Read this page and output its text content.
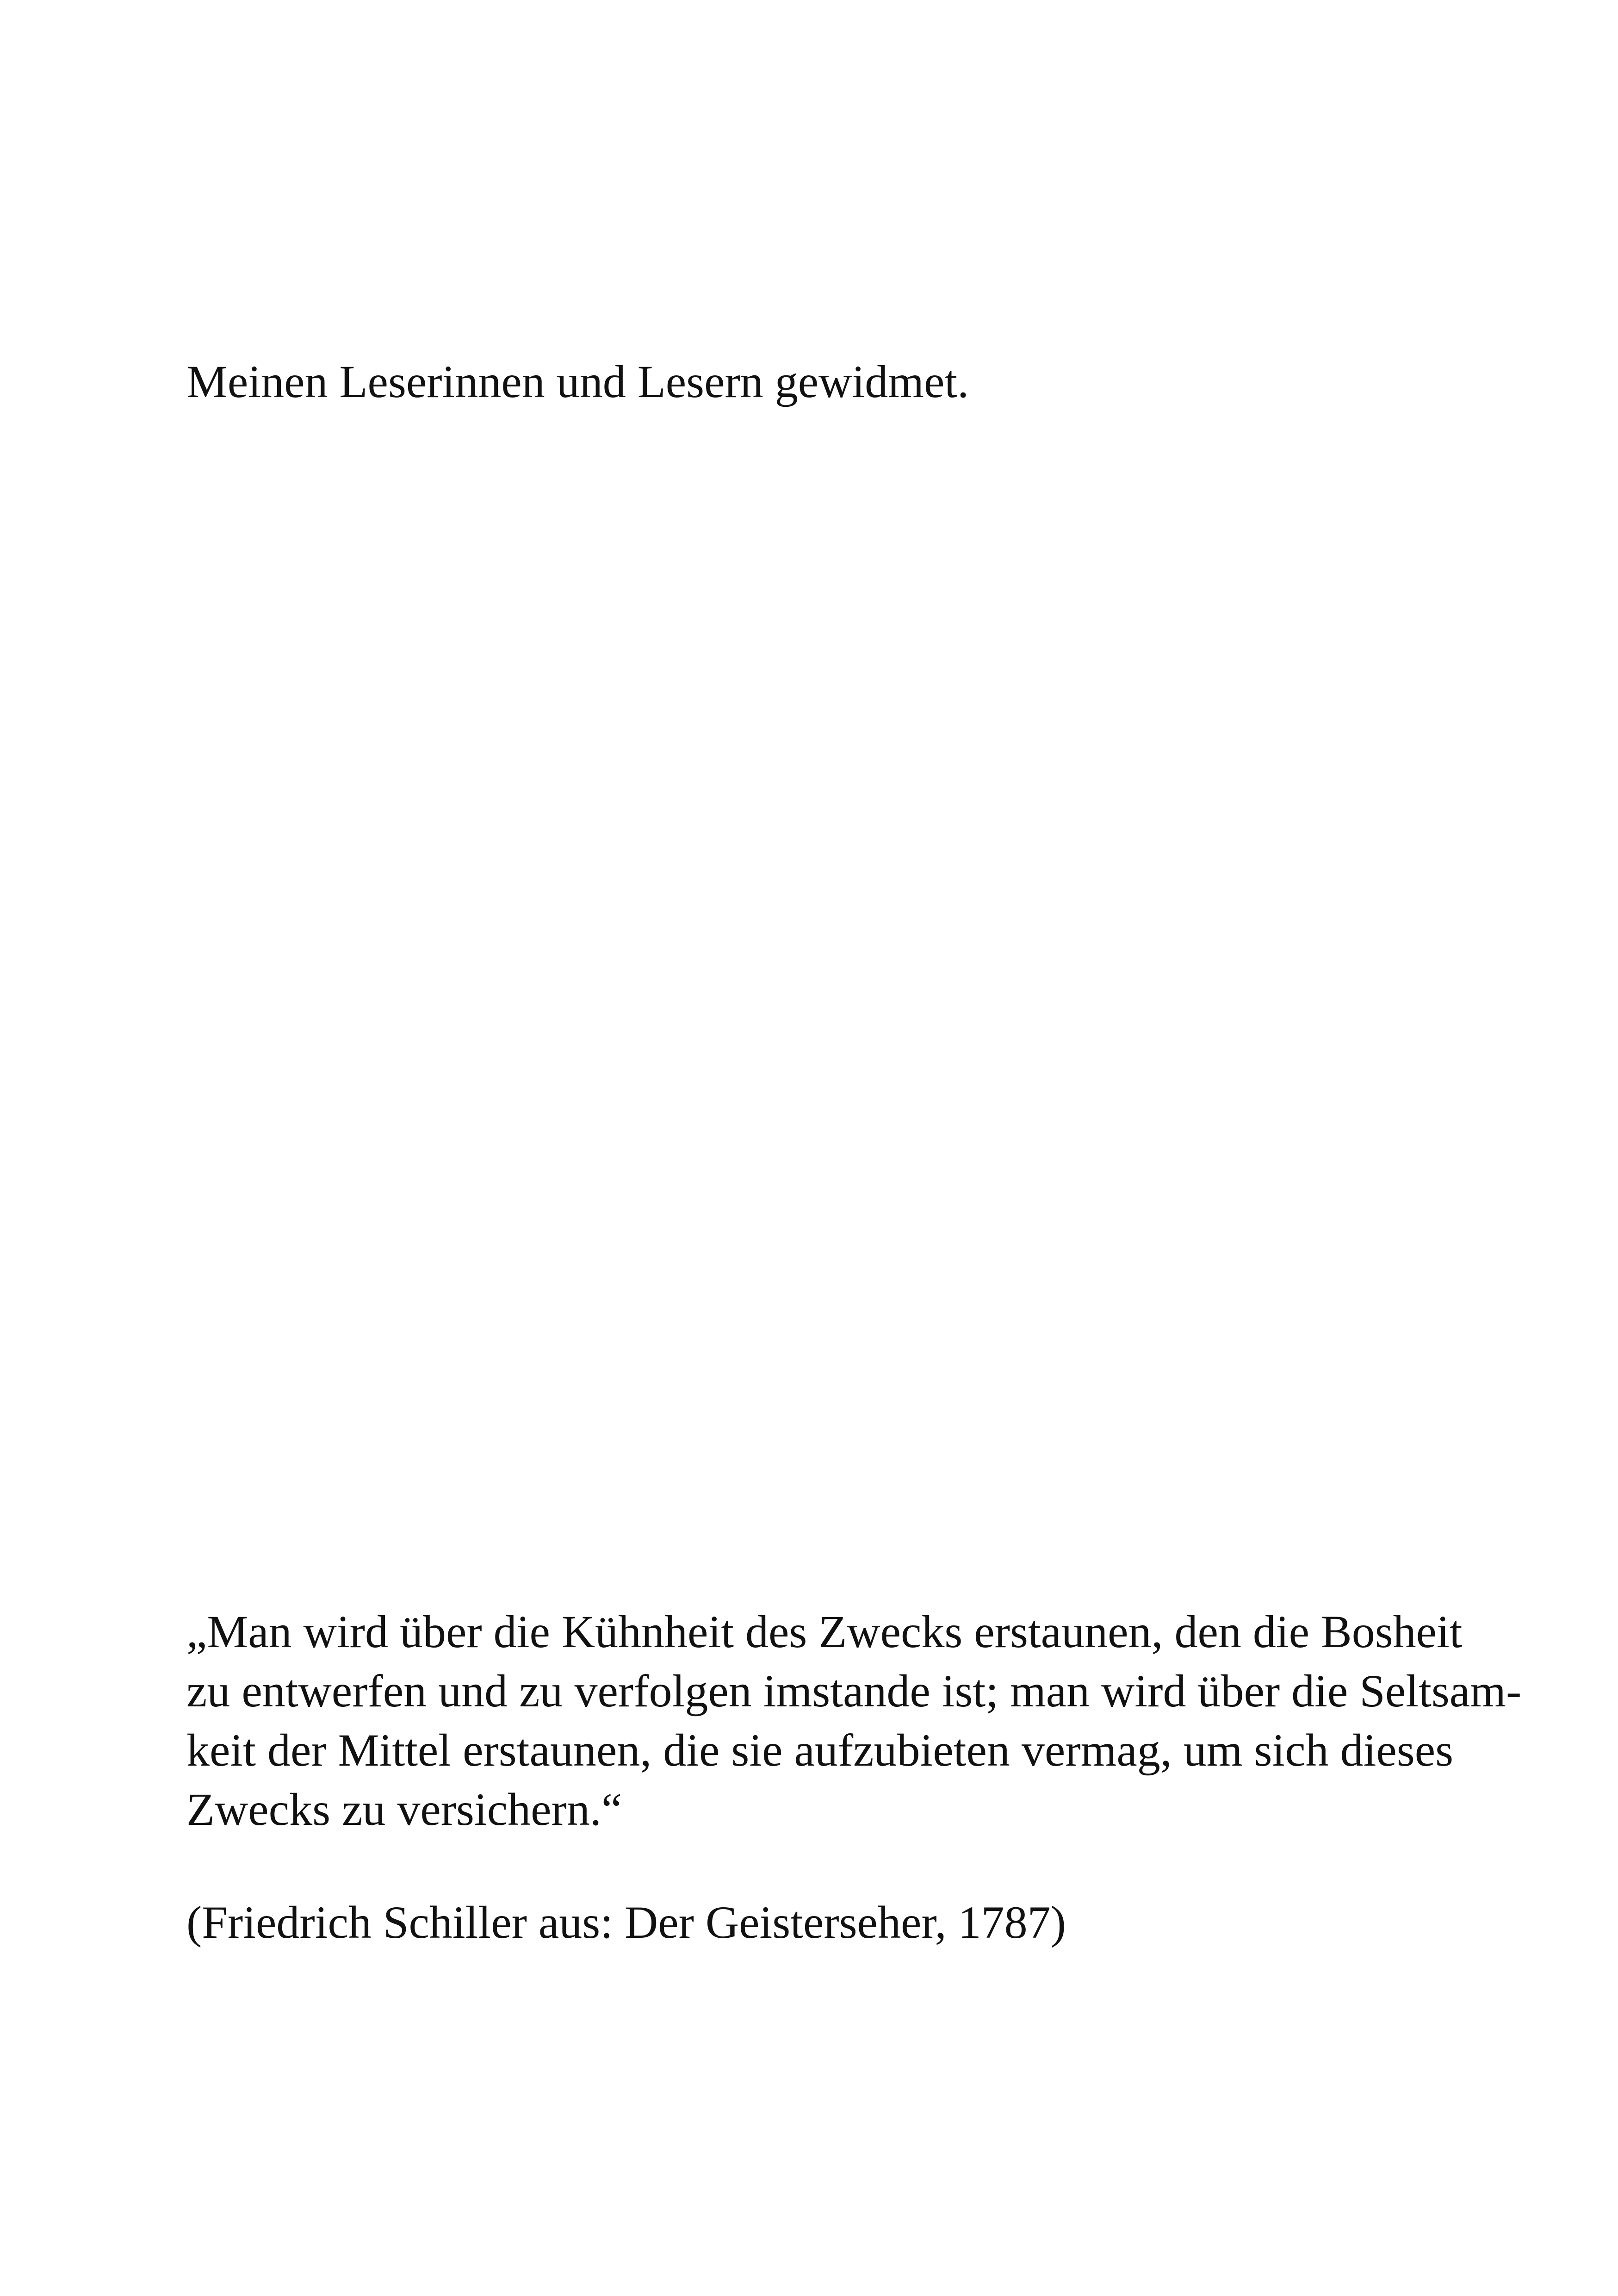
Meinen Leserinnen und Lesern gewidmet.

„Man wird über die Kühnheit des Zwecks erstaunen, den die Bosheit
zu entwerfen und zu verfolgen imstande ist; man wird über die Seltsam-
keit der Mittel erstaunen, die sie aufzubieten vermag, um sich dieses
Zwecks zu versichern.“

(Friedrich Schiller aus: Der Geisterseher, 1787)
